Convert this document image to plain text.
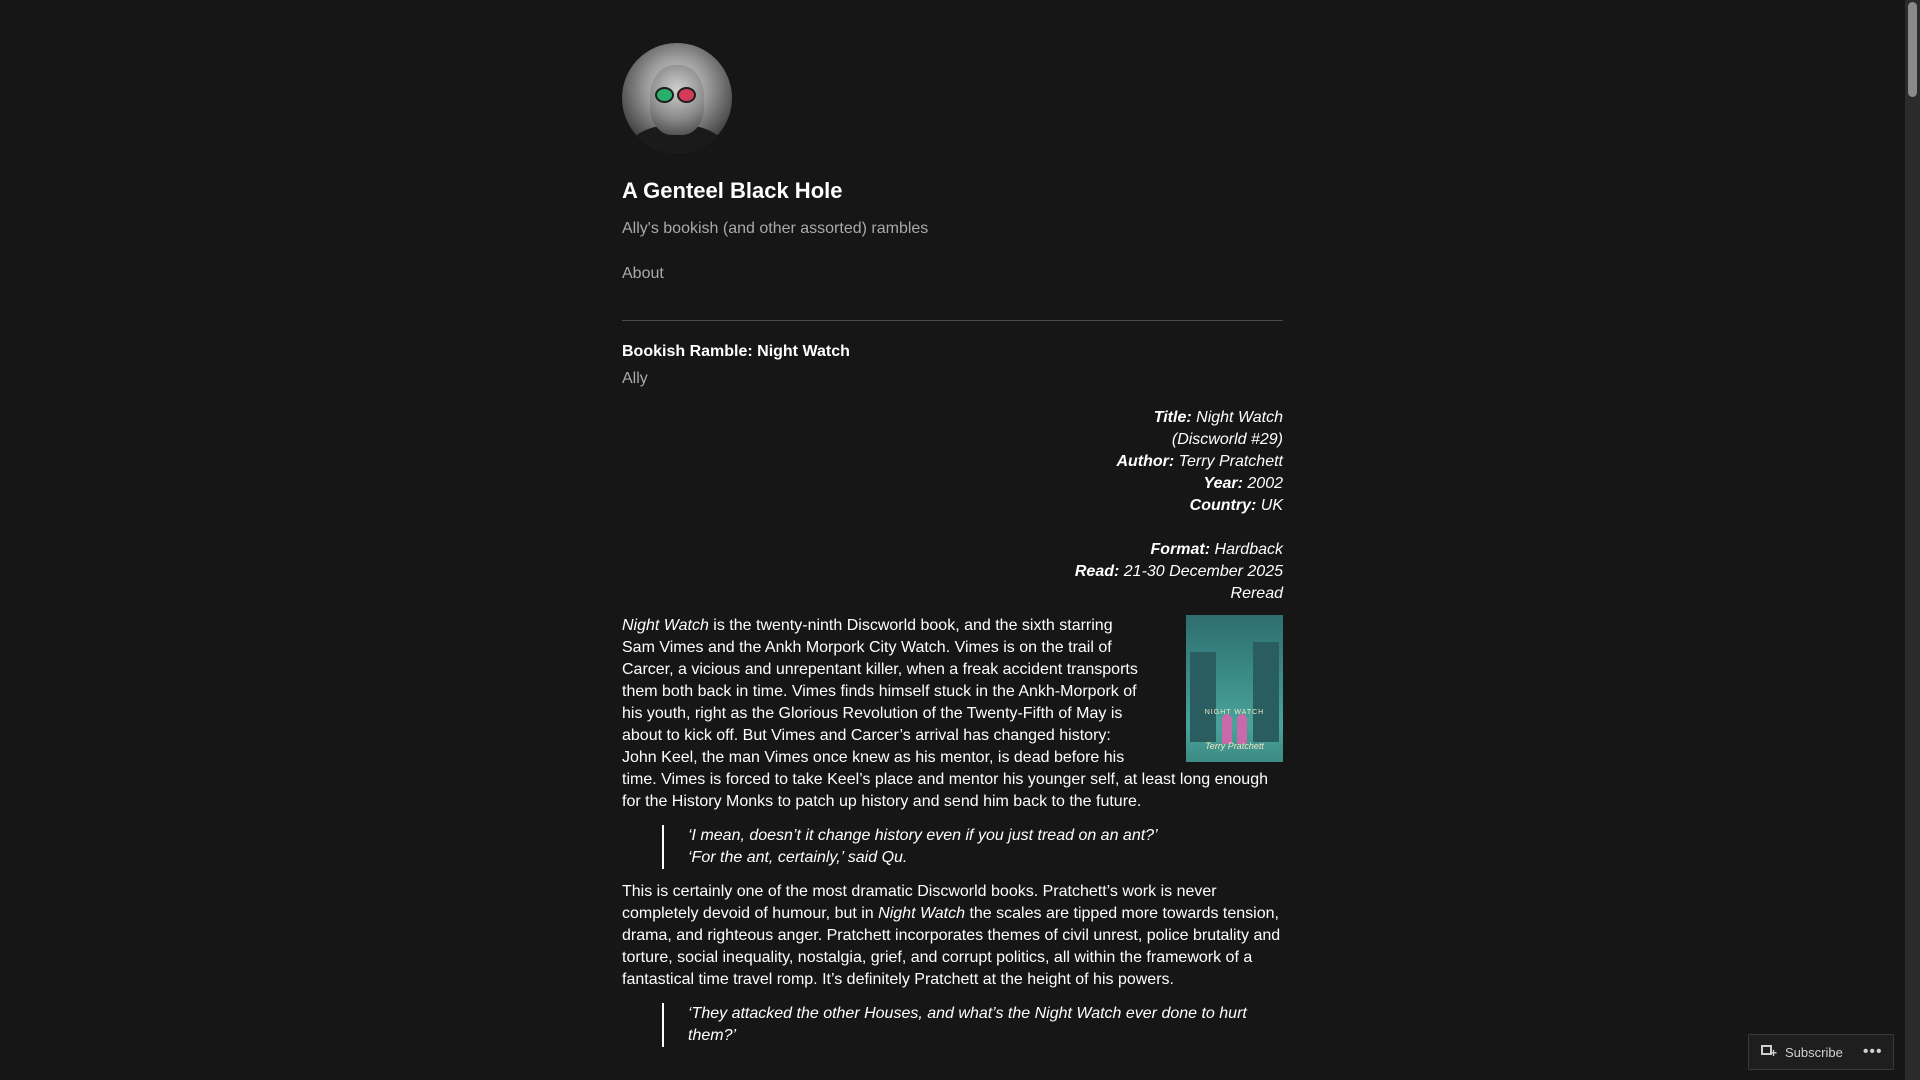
A Genteel Black Hole
Ally's bookish (and other assorted) rambles
About
Bookish Ramble: Night Watch
Ally
Title: Night Watch
(Discworld #29)
Author: Terry Pratchett
Year: 2002
Country: UK
Format: Hardback
Read: 21-30 December 2025
Reread
NIGHT WATCH
Terry Pratchett
Night Watch is the twenty-ninth Discworld book, and the sixth starring Sam Vimes and the Ankh Morpork City Watch. Vimes is on the trail of Carcer, a vicious and unrepentant killer, when a freak accident transports them both back in time. Vimes finds himself stuck in the Ankh-Morpork of his youth, right as the Glorious Revolution of the Twenty-Fifth of May is about to kick off. But Vimes and Carcer’s arrival has changed history: John Keel, the man Vimes once knew as his mentor, is dead before his time. Vimes is forced to take Keel’s place and mentor his younger self, at least long enough for the History Monks to patch up history and send him back to the future.

‘I mean, doesn’t it change history even if you just tread on an ant?’

‘For the ant, certainly,’ said Qu.

This is certainly one of the most dramatic Discworld books. Pratchett’s work is never completely devoid of humour, but in Night Watch the scales are tipped more towards tension, drama, and righteous anger. Pratchett incorporates themes of civil unrest, police brutality and torture, social inequality, nostalgia, grief, and corrupt politics, all within the framework of a fantastical time travel romp. It’s definitely Pratchett at the height of his powers.

‘They attacked the other Houses, and what’s the Night Watch ever done to hurt them?’

+
Subscribe •••
